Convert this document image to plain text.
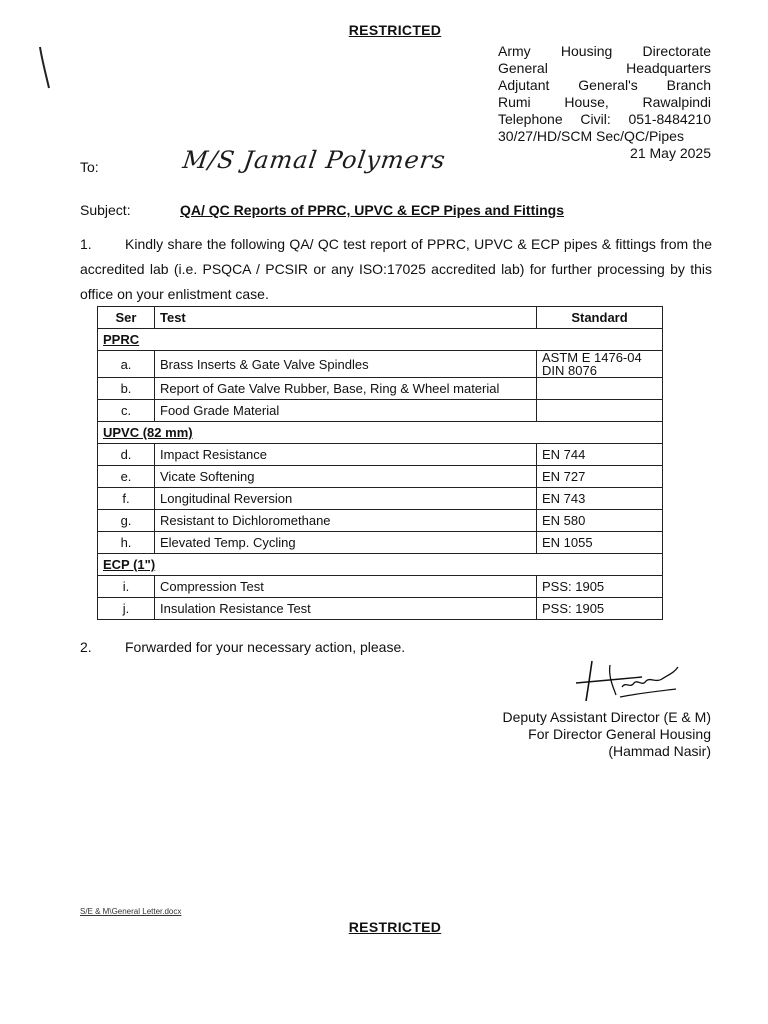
RESTRICTED
Army Housing Directorate
General Headquarters
Adjutant General's Branch
Rumi House, Rawalpindi
Telephone Civil: 051-8484210
30/27/HD/SCM Sec/QC/Pipes
21 May 2025
To:	M/S Jamal Polymers
Subject:	QA/ QC Reports of PPRC, UPVC & ECP Pipes and Fittings
1. Kindly share the following QA/ QC test report of PPRC, UPVC & ECP pipes & fittings from the accredited lab (i.e. PSQCA / PCSIR or any ISO:17025 accredited lab) for further processing by this office on your enlistment case.
Ser	Test	Standard
PPRC		
a.	Brass Inserts & Gate Valve Spindles	ASTM E 1476-04
DIN 8076
b.	Report of Gate Valve Rubber, Base, Ring & Wheel material	
c.	Food Grade Material	
UPVC (82 mm)		
d.	Impact Resistance	EN 744
e.	Vicate Softening	EN 727
f.	Longitudinal Reversion	EN 743
g.	Resistant to Dichloromethane	EN 580
h.	Elevated Temp. Cycling	EN 1055
ECP (1")		
i.	Compression Test	PSS: 1905
j.	Insulation Resistance Test	PSS: 1905
2. Forwarded for your necessary action, please.
Deputy Assistant Director (E & M)
For Director General Housing
(Hammad Nasir)
S/E & M\General Letter.docx
RESTRICTED
